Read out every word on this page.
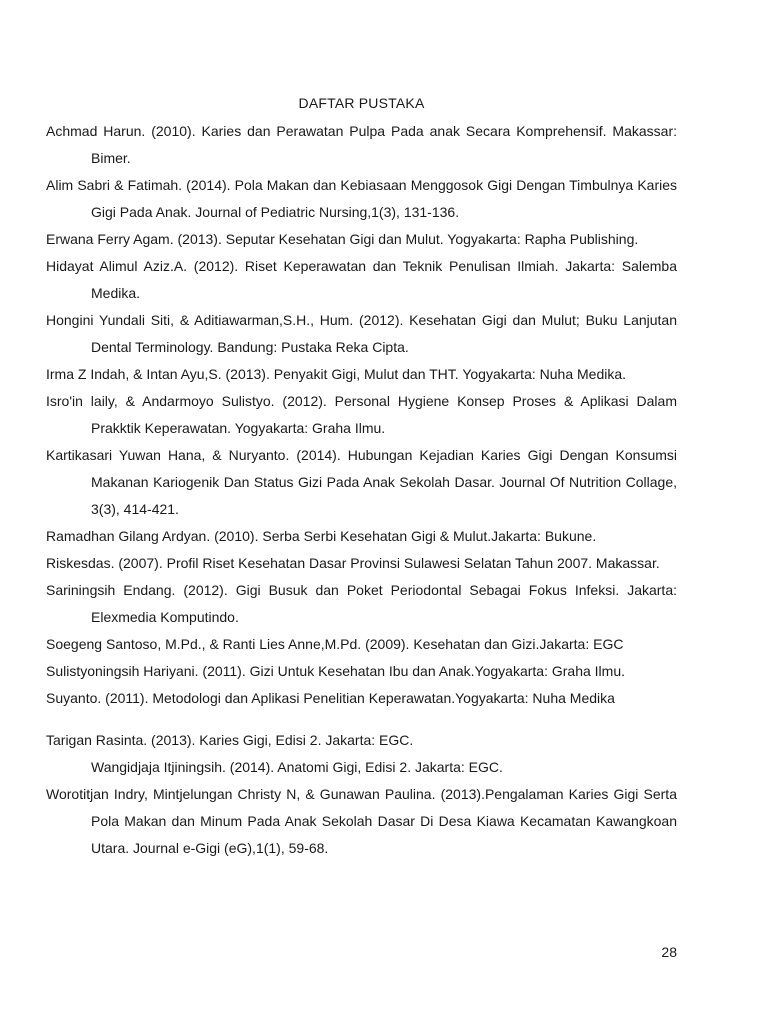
DAFTAR PUSTAKA
Achmad Harun. (2010). Karies dan Perawatan Pulpa Pada anak Secara Komprehensif. Makassar: Bimer.
Alim Sabri & Fatimah. (2014). Pola Makan dan Kebiasaan Menggosok Gigi Dengan Timbulnya Karies Gigi Pada Anak. Journal of Pediatric Nursing,1(3), 131-136.
Erwana Ferry Agam. (2013). Seputar Kesehatan Gigi dan Mulut. Yogyakarta: Rapha Publishing.
Hidayat Alimul Aziz.A. (2012). Riset Keperawatan dan Teknik Penulisan Ilmiah. Jakarta: Salemba Medika.
Hongini Yundali Siti, & Aditiawarman,S.H., Hum. (2012). Kesehatan Gigi dan Mulut; Buku Lanjutan Dental Terminology. Bandung: Pustaka Reka Cipta.
Irma Z Indah, & Intan Ayu,S. (2013). Penyakit Gigi, Mulut dan THT. Yogyakarta: Nuha Medika.
Isro'in laily, & Andarmoyo Sulistyo. (2012). Personal Hygiene Konsep Proses & Aplikasi Dalam Prakktik Keperawatan. Yogyakarta: Graha Ilmu.
Kartikasari Yuwan Hana, & Nuryanto. (2014). Hubungan Kejadian Karies Gigi Dengan Konsumsi Makanan Kariogenik Dan Status Gizi Pada Anak Sekolah Dasar. Journal Of Nutrition Collage, 3(3), 414-421.
Ramadhan Gilang Ardyan. (2010). Serba Serbi Kesehatan Gigi & Mulut.Jakarta: Bukune.
Riskesdas. (2007). Profil Riset Kesehatan Dasar Provinsi Sulawesi Selatan Tahun 2007. Makassar.
Sariningsih Endang. (2012). Gigi Busuk dan Poket Periodontal Sebagai Fokus Infeksi. Jakarta: Elexmedia Komputindo.
Soegeng Santoso, M.Pd., & Ranti Lies Anne,M.Pd. (2009). Kesehatan dan Gizi.Jakarta: EGC
Sulistyoningsih Hariyani. (2011). Gizi Untuk Kesehatan Ibu dan Anak.Yogyakarta: Graha Ilmu.
Suyanto. (2011). Metodologi dan Aplikasi Penelitian Keperawatan.Yogyakarta: Nuha Medika
Tarigan Rasinta. (2013). Karies Gigi, Edisi 2. Jakarta: EGC.
Wangidjaja Itjiningsih. (2014). Anatomi Gigi, Edisi 2. Jakarta: EGC.
Worotitjan Indry, Mintjelungan Christy N, & Gunawan Paulina. (2013).Pengalaman Karies Gigi Serta Pola Makan dan Minum Pada Anak Sekolah Dasar Di Desa Kiawa Kecamatan Kawangkoan Utara. Journal e-Gigi (eG),1(1), 59-68.
28
